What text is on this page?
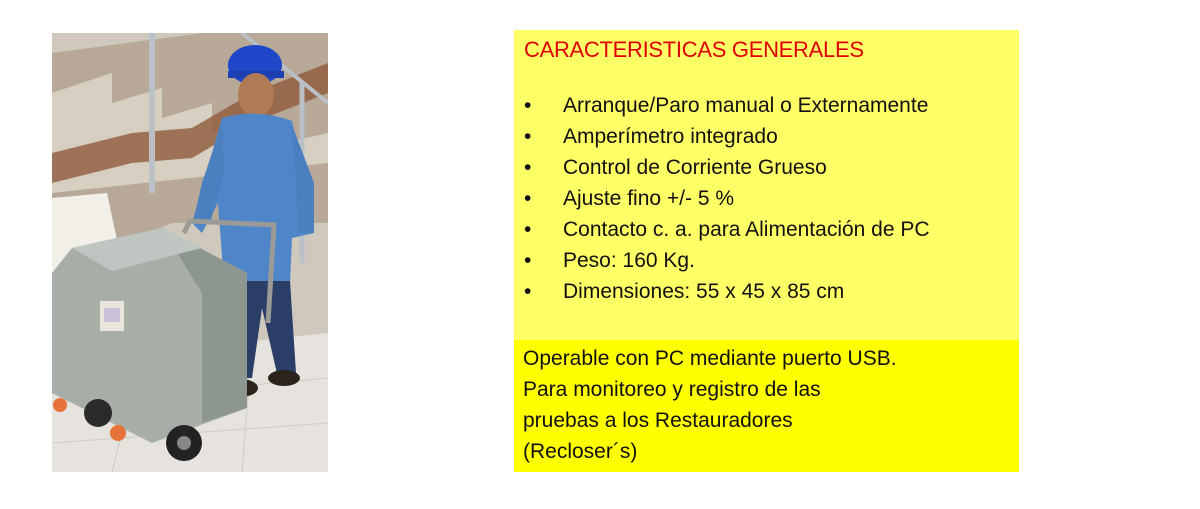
CARACTERISTICAS GENERALES
• Arranque/Paro manual o Externamente
• Amperímetro integrado
• Control de Corriente Grueso
• Ajuste fino +/- 5 %
• Contacto c. a. para Alimentación de PC
• Peso: 160 Kg.
• Dimensiones: 55 x 45 x 85 cm
Operable con PC mediante puerto USB.
Para monitoreo y registro de las
pruebas a los Restauradores
(Recloser´s)
